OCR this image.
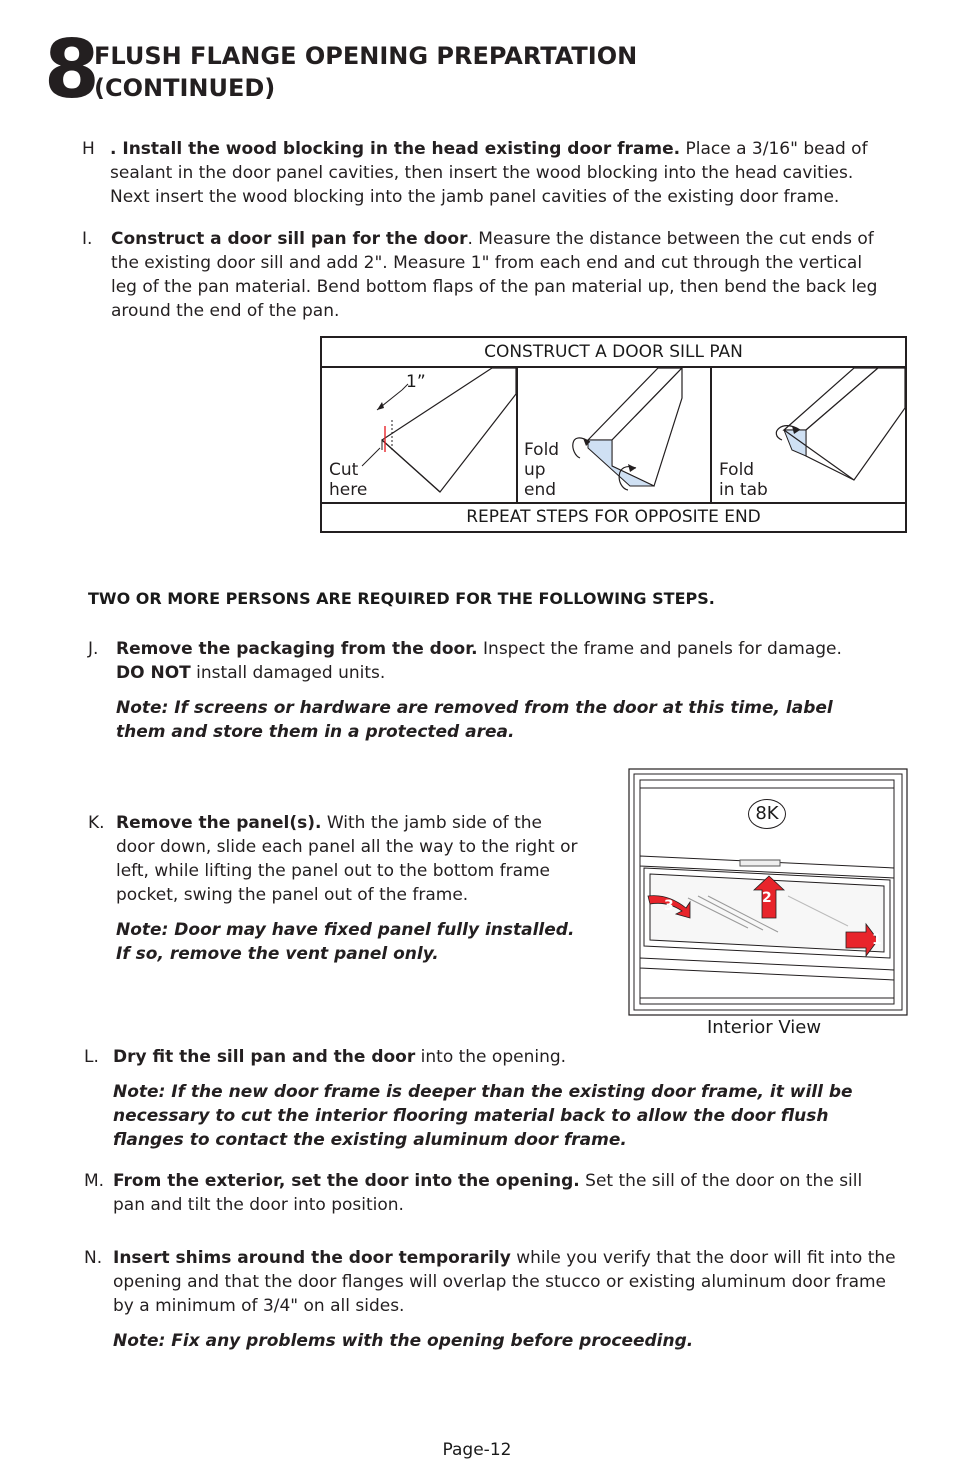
8
FLUSH FLANGE OPENING PREPARTATION
(CONTINUED)
H . Install the wood blocking in the head existing door frame. Place a 3/16" bead of sealant in the door panel cavities, then insert the wood blocking into the head cavities. Next insert the wood blocking into the jamb panel cavities of the existing door frame.
I. Construct a door sill pan for the door. Measure the distance between the cut ends of the existing door sill and add 2". Measure 1" from each end and cut through the vertical leg of the pan material. Bend bottom flaps of the pan material up, then bend the back leg around the end of the pan.
CONSTRUCT A DOOR SILL PAN
REPEAT STEPS FOR OPPOSITE END
1”
Cut
here
Fold
up
end
Fold
in tab
TWO OR MORE PERSONS ARE REQUIRED FOR THE FOLLOWING STEPS.
J. Remove the packaging from the door. Inspect the frame and panels for damage.
DO NOT install damaged units.
Note: If screens or hardware are removed from the door at this time, label them and store them in a protected area.
K. Remove the panel(s). With the jamb side of the door down, slide each panel all the way to the right or left, while lifting the panel out to the bottom frame pocket, swing the panel out of the frame.
Note: Door may have fixed panel fully installed. If so, remove the vent panel only.
8K
1
2
3
Interior View
L. Dry fit the sill pan and the door into the opening.
Note: If the new door frame is deeper than the existing door frame, it will be necessary to cut the interior flooring material back to allow the door flush flanges to contact the existing aluminum door frame.
M. From the exterior, set the door into the opening. Set the sill of the door on the sill pan and tilt the door into position.
N. Insert shims around the door temporarily while you verify that the door will fit into the opening and that the door flanges will overlap the stucco or existing aluminum door frame by a minimum of 3/4" on all sides.
Note: Fix any problems with the opening before proceeding.
Page-12
